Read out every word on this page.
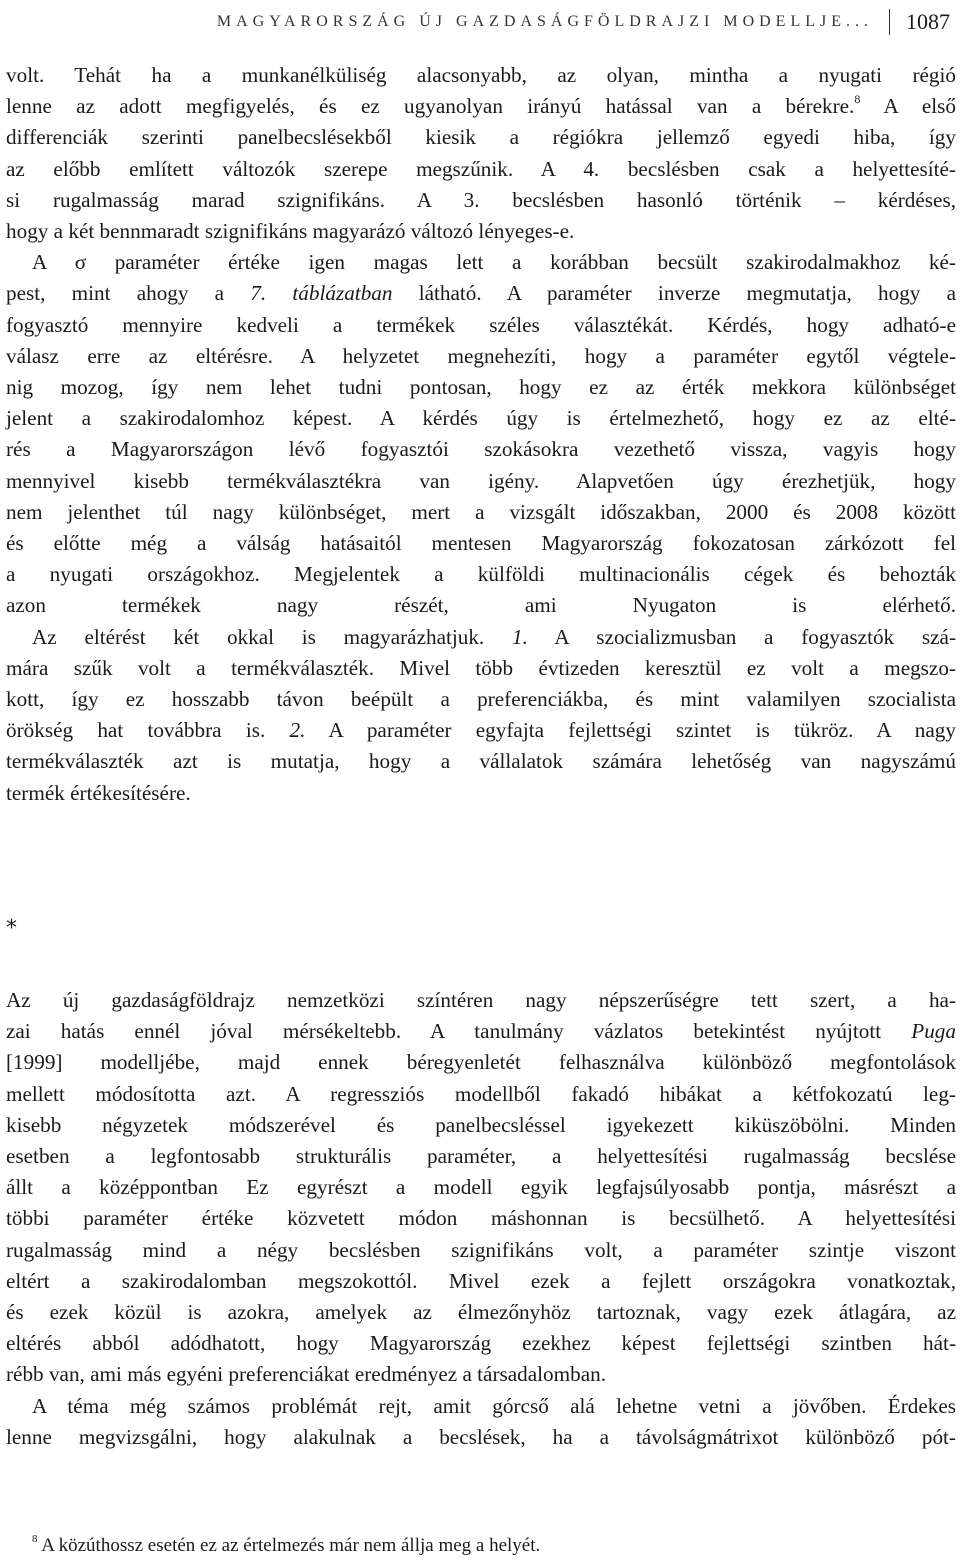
MAGYARORSZÁG ÚJ GAZDASÁGFÖLDRAJZI MODELLJE... 1087
volt. Tehát ha a munkanélküliség alacsonyabb, az olyan, mintha a nyugati régió
lenne az adott megfigyelés, és ez ugyanolyan irányú hatással van a bérekre.$^8$ A első
differenciák szerinti panelbecslésekből kiesik a régiókra jellemző egyedi hiba, így
az előbb említett változók szerepe megszűnik. A 4. becslésben csak a helyettesíté-
si rugalmasság marad szignifikáns. A 3. becslésben hasonló történik – kérdéses,
hogy a két bennmaradt szignifikáns magyarázó változó lényeges-e.
A σ paraméter értéke igen magas lett a korábban becsült szakirodalmakhoz ké-
pest, mint ahogy a 7. táblázatban látható. A paraméter inverze megmutatja, hogy a
fogyasztó mennyire kedveli a termékek széles választékát. Kérdés, hogy adható-e
válasz erre az eltérésre. A helyzetet megnehezíti, hogy a paraméter egytől végtele-
nig mozog, így nem lehet tudni pontosan, hogy ez az érték mekkora különbséget
jelent a szakirodalomhoz képest. A kérdés úgy is értelmezhető, hogy ez az elté-
rés a Magyarországon lévő fogyasztói szokásokra vezethető vissza, vagyis hogy
mennyivel kisebb termékválasztékra van igény. Alapvetően úgy érezhetjük, hogy
nem jelenthet túl nagy különbséget, mert a vizsgált időszakban, 2000 és 2008 között
és előtte még a válság hatásaitól mentesen Magyarország fokozatosan zárkózott fel
a nyugati országokhoz. Megjelentek a külföldi multinacionális cégek és behozták
azon termékek nagy részét, ami Nyugaton is elérhető.
Az eltérést két okkal is magyarázhatjuk. 1. A szocializmusban a fogyasztók szá-
mára szűk volt a termékválaszték. Mivel több évtizeden keresztül ez volt a megszo-
kott, így ez hosszabb távon beépült a preferenciákba, és mint valamilyen szocialista
örökség hat továbbra is. 2. A paraméter egyfajta fejlettségi szintet is tükröz. A nagy
termékválaszték azt is mutatja, hogy a vállalatok számára lehetőség van nagyszámú
termék értékesítésére.
*
Az új gazdaságföldrajz nemzetközi színtéren nagy népszerűségre tett szert, a ha-
zai hatás ennél jóval mérsékeltebb. A tanulmány vázlatos betekintést nyújtott Puga
[1999] modelljébe, majd ennek béregyenletét felhasználva különböző megfontolások
mellett módosította azt. A regressziós modellből fakadó hibákat a kétfokozatú leg-
kisebb négyzetek módszerével és panelbecsléssel igyekezett kiküszöbölni. Minden
esetben a legfontosabb strukturális paraméter, a helyettesítési rugalmasság becslése
állt a középpontban Ez egyrészt a modell egyik legfajsúlyosabb pontja, másrészt a
többi paraméter értéke közvetett módon máshonnan is becsülhető. A helyettesítési
rugalmasság mind a négy becslésben szignifikáns volt, a paraméter szintje viszont
eltért a szakirodalomban megszokottól. Mivel ezek a fejlett országokra vonatkoztak,
és ezek közül is azokra, amelyek az élmezőnyhöz tartoznak, vagy ezek átlagára, az
eltérés abból adódhatott, hogy Magyarország ezekhez képest fejlettségi szintben hát-
rébb van, ami más egyéni preferenciákat eredményez a társadalomban.
A téma még számos problémát rejt, amit górcső alá lehetne vetni a jövőben. Érdekes
lenne megvizsgálni, hogy alakulnak a becslések, ha a távolságmátrixot különböző pót-
$^8$ A közúthossz esetén ez az értelmezés már nem állja meg a helyét.
